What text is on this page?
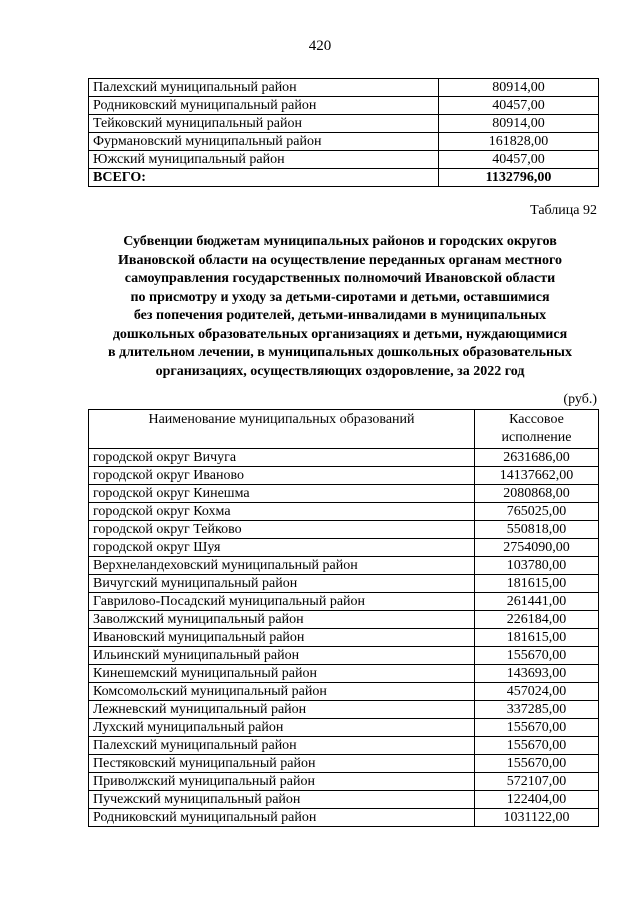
420
Палехский муниципальный район	80914,00
Родниковский муниципальный район	40457,00
Тейковский муниципальный район	80914,00
Фурмановский муниципальный район	161828,00
Южский муниципальный район	40457,00
ВСЕГО:	1132796,00
Таблица 92
Субвенции бюджетам муниципальных районов и городских округов
Ивановской области на осуществление переданных органам местного
самоуправления государственных полномочий Ивановской области
по присмотру и уходу за детьми-сиротами и детьми, оставшимися
без попечения родителей, детьми-инвалидами в муниципальных
дошкольных образовательных организациях и детьми, нуждающимися
в длительном лечении, в муниципальных дошкольных образовательных
организациях, осуществляющих оздоровление, за 2022 год
(руб.)
Наименование муниципальных образований	Кассовое исполнение
городской округ Вичуга	2631686,00
городской округ Иваново	14137662,00
городской округ Кинешма	2080868,00
городской округ Кохма	765025,00
городской округ Тейково	550818,00
городской округ Шуя	2754090,00
Верхнеландеховский муниципальный район	103780,00
Вичугский муниципальный район	181615,00
Гаврилово-Посадский муниципальный район	261441,00
Заволжский муниципальный район	226184,00
Ивановский муниципальный район	181615,00
Ильинский муниципальный район	155670,00
Кинешемский муниципальный район	143693,00
Комсомольский муниципальный район	457024,00
Лежневский муниципальный район	337285,00
Лухский муниципальный район	155670,00
Палехский муниципальный район	155670,00
Пестяковский муниципальный район	155670,00
Приволжский муниципальный район	572107,00
Пучежский муниципальный район	122404,00
Родниковский муниципальный район	1031122,00
